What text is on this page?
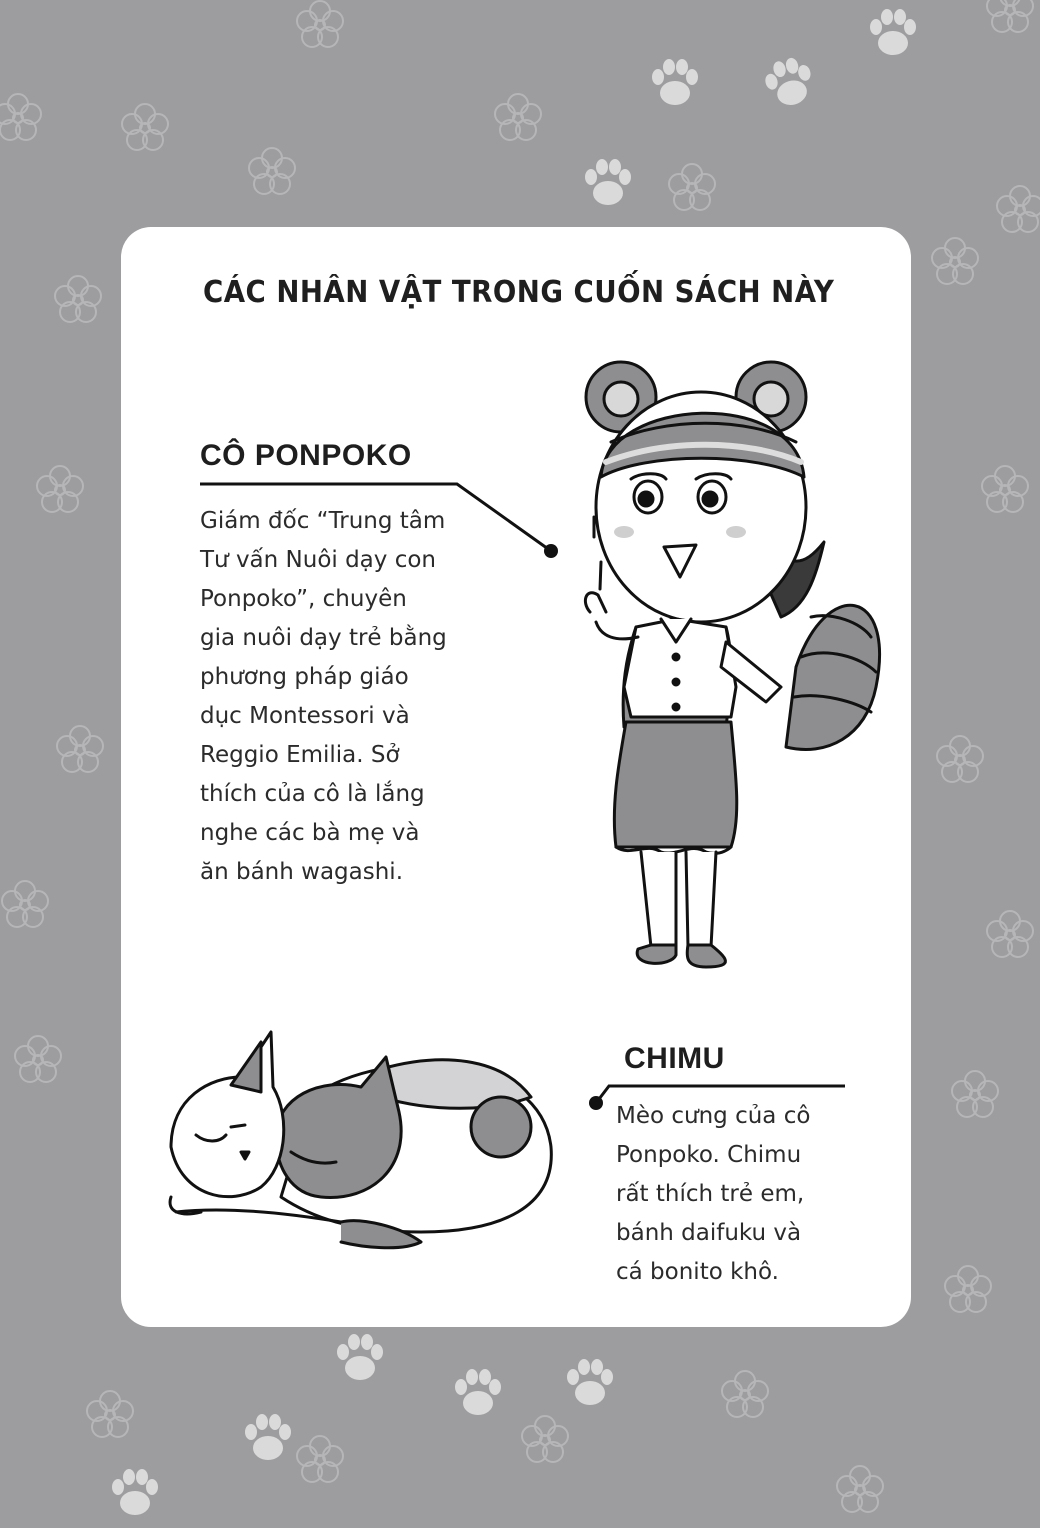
CÁC NHÂN VẬT TRONG CUỐN SÁCH NÀY
CÔ PONPOKO
Giám đốc “Trung tâm
Tư vấn Nuôi dạy con
Ponpoko”, chuyên
gia nuôi dạy trẻ bằng
phương pháp giáo
dục Montessori và
Reggio Emilia. Sở
thích của cô là lắng
nghe các bà mẹ và
ăn bánh wagashi.
CHIMU
Mèo cưng của cô
Ponpoko. Chimu
rất thích trẻ em,
bánh daifuku và
cá bonito khô.
